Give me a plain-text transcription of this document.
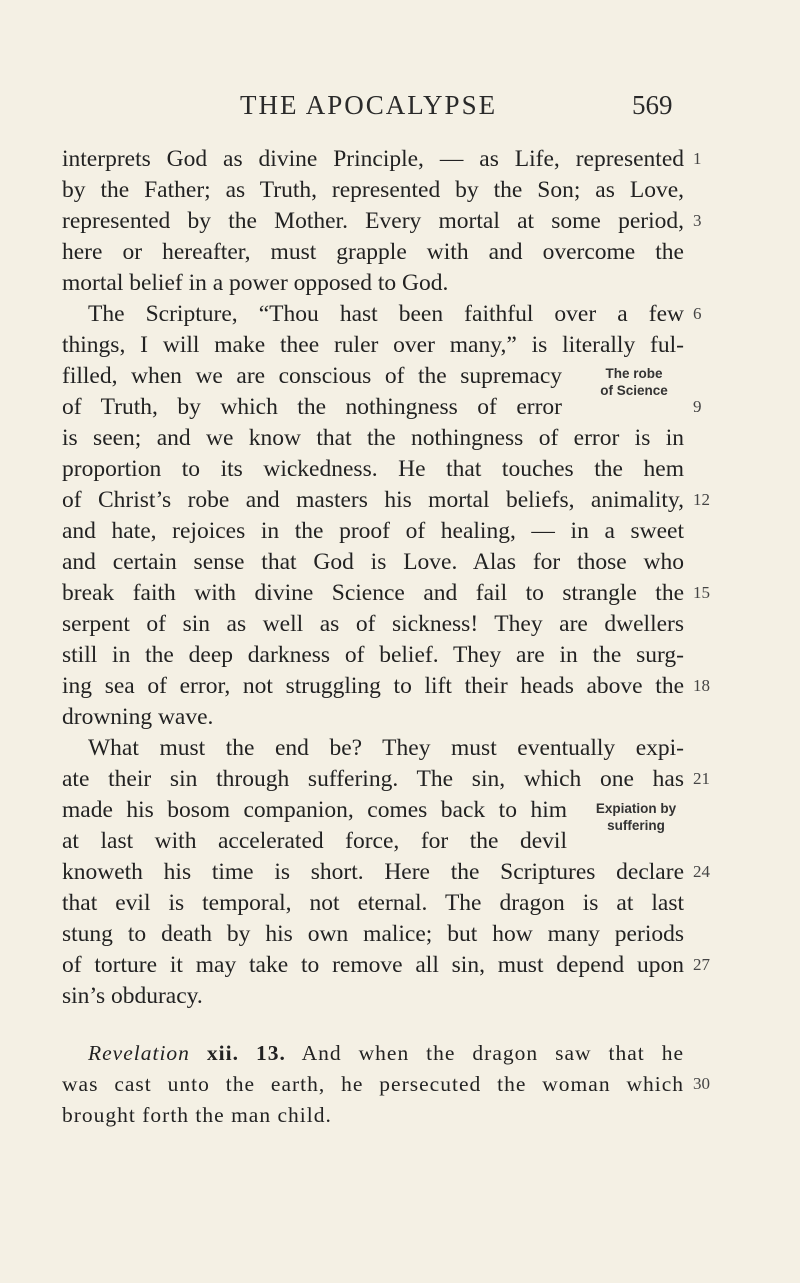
THE APOCALYPSE	569
interprets God as divine Principle, — as Life, represented
by the Father; as Truth, represented by the Son; as Love,
represented by the Mother. Every mortal at some period,
here or hereafter, must grapple with and overcome the
mortal belief in a power opposed to God.
The Scripture, “Thou hast been faithful over a few
things, I will make thee ruler over many,” is literally ful-
filled, when we are conscious of the supremacy
of Truth, by which the nothingness of error
is seen; and we know that the nothingness of error is in
proportion to its wickedness. He that touches the hem
of Christ’s robe and masters his mortal beliefs, animality,
and hate, rejoices in the proof of healing, — in a sweet
and certain sense that God is Love. Alas for those who
break faith with divine Science and fail to strangle the
serpent of sin as well as of sickness! They are dwellers
still in the deep darkness of belief. They are in the surg-
ing sea of error, not struggling to lift their heads above the
drowning wave.
What must the end be? They must eventually expi-
ate their sin through suffering. The sin, which one has
made his bosom companion, comes back to him
at last with accelerated force, for the devil
knoweth his time is short. Here the Scriptures declare
that evil is temporal, not eternal. The dragon is at last
stung to death by his own malice; but how many periods
of torture it may take to remove all sin, must depend upon
sin’s obduracy.
1
3
6
9
12
15
18
21
24
27
30
The robe
of Science
Expiation by
suffering
Revelation xii. 13. And when the dragon saw that he
was cast unto the earth, he persecuted the woman which
brought forth the man child.
